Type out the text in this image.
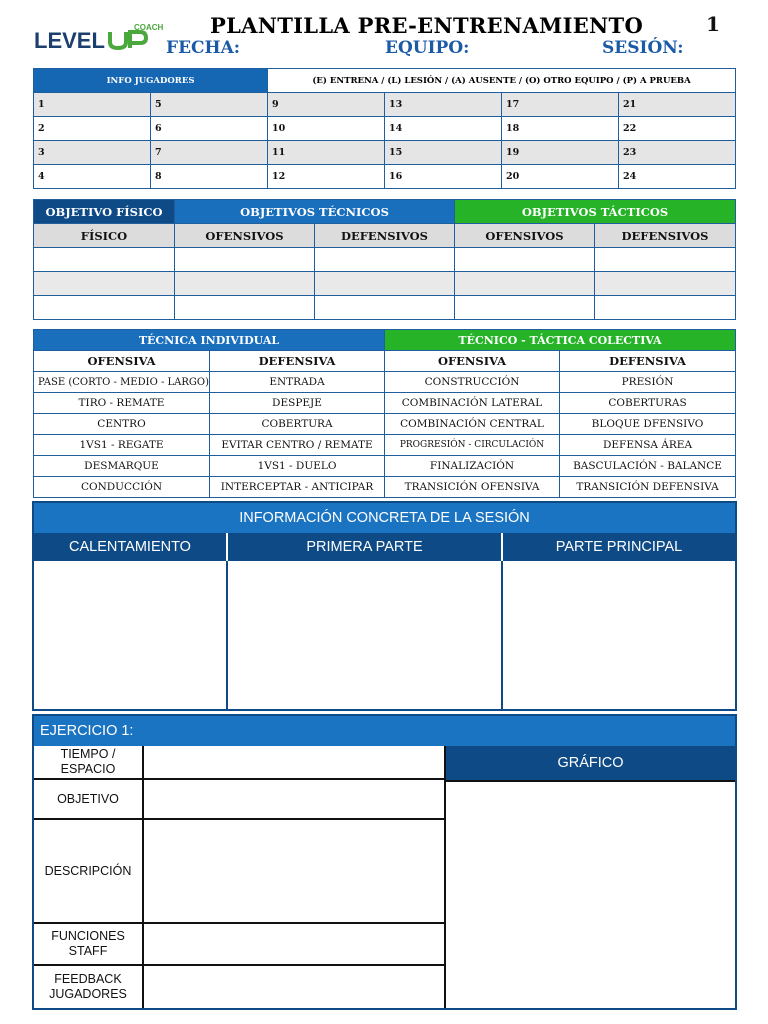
LEVEL
COACH PLANTILLA PRE-ENTRENAMIENTO	1
FECHA:	EQUIPO:	SESIÓN:
INFO JUGADORES		(E) ENTRENA / (L) LESIÓN / (A) AUSENTE / (O) OTRO EQUIPO / (P) A PRUEBA			
1	5	9	13	17	21
2	6	10	14	18	22
3	7	11	15	19	23
4	8	12	16	20	24
OBJETIVO FÍSICO	OBJETIVOS TÉCNICOS		OBJETIVOS TÁCTICOS	
FÍSICO	OFENSIVOS	DEFENSIVOS	OFENSIVOS	DEFENSIVOS

TÉCNICA INDIVIDUAL		TÉCNICO - TÁCTICA COLECTIVA	
OFENSIVA	DEFENSIVA	OFENSIVA	DEFENSIVA
PASE (CORTO - MEDIO - LARGO)	ENTRADA	CONSTRUCCIÓN	PRESIÓN
TIRO - REMATE	DESPEJE	COMBINACIÓN LATERAL	COBERTURAS
CENTRO	COBERTURA	COMBINACIÓN CENTRAL	BLOQUE DFENSIVO
1VS1 - REGATE	EVITAR CENTRO / REMATE	PROGRESIÓN - CIRCULACIÓN	DEFENSA ÁREA
DESMARQUE	1VS1 - DUELO	FINALIZACIÓN	BASCULACIÓN - BALANCE
CONDUCCIÓN	INTERCEPTAR - ANTICIPAR	TRANSICIÓN OFENSIVA	TRANSICIÓN DEFENSIVA
INFORMACIÓN CONCRETA DE LA SESIÓN
CALENTAMIENTO	PRIMERA PARTE	PARTE PRINCIPAL
EJERCICIO 1:
TIEMPO /
ESPACIO
OBJETIVO
DESCRIPCIÓN
FUNCIONES
STAFF
FEEDBACK
JUGADORES
GRÁFICO
